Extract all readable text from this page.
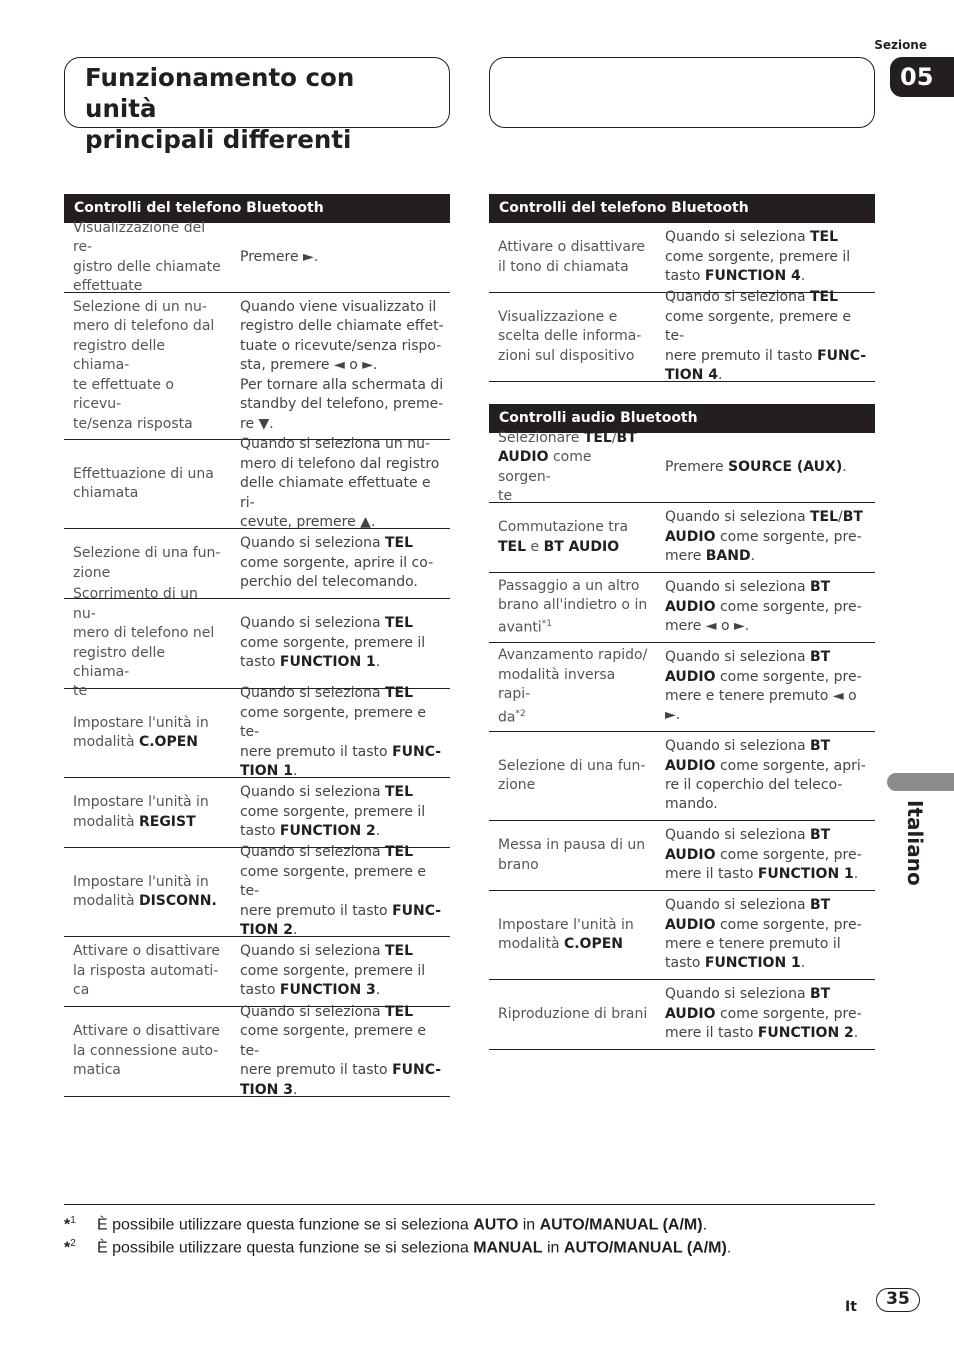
Sezione
05
Funzionamento con unità
principali differenti
Controlli del telefono Bluetooth
Visualizzazione del re-
gistro delle chiamate
effettuate
Premere ►.
Selezione di un nu-
mero di telefono dal
registro delle chiama-
te effettuate o ricevu-
te/senza risposta
Quando viene visualizzato il
registro delle chiamate effet-
tuate o ricevute/senza rispo-
sta, premere ◄ o ►.
Per tornare alla schermata di
standby del telefono, preme-
re ▼.
Effettuazione di una
chiamata
Quando si seleziona un nu-
mero di telefono dal registro
delle chiamate effettuate e ri-
cevute, premere ▲.
Selezione di una fun-
zione
Quando si seleziona TEL
come sorgente, aprire il co-
perchio del telecomando.
Scorrimento di un nu-
mero di telefono nel
registro delle chiama-
te
Quando si seleziona TEL
come sorgente, premere il
tasto FUNCTION 1.
Impostare l'unità in
modalità C.OPEN
Quando si seleziona TEL
come sorgente, premere e te-
nere premuto il tasto FUNC-
TION 1.
Impostare l'unità in
modalità REGIST
Quando si seleziona TEL
come sorgente, premere il
tasto FUNCTION 2.
Impostare l'unità in
modalità DISCONN.
Quando si seleziona TEL
come sorgente, premere e te-
nere premuto il tasto FUNC-
TION 2.
Attivare o disattivare
la risposta automati-
ca
Quando si seleziona TEL
come sorgente, premere il
tasto FUNCTION 3.
Attivare o disattivare
la connessione auto-
matica
Quando si seleziona TEL
come sorgente, premere e te-
nere premuto il tasto FUNC-
TION 3.
Controlli del telefono Bluetooth
Attivare o disattivare
il tono di chiamata
Quando si seleziona TEL
come sorgente, premere il
tasto FUNCTION 4.
Visualizzazione e
scelta delle informa-
zioni sul dispositivo
Quando si seleziona TEL
come sorgente, premere e te-
nere premuto il tasto FUNC-
TION 4.
Controlli audio Bluetooth
Selezionare TEL/BT
AUDIO come sorgen-
te
Premere SOURCE (AUX).
Commutazione tra
TEL e BT AUDIO
Quando si seleziona TEL/BT
AUDIO come sorgente, pre-
mere BAND.
Passaggio a un altro
brano all'indietro o in
avanti$^{*1}$
Quando si seleziona BT
AUDIO come sorgente, pre-
mere ◄ o ►.
Avanzamento rapido/
modalità inversa rapi-
$da^{*2}$
Quando si seleziona BT
AUDIO come sorgente, pre-
mere e tenere premuto ◄ o
►.
Selezione di una fun-
zione
Quando si seleziona BT
AUDIO come sorgente, apri-
re il coperchio del teleco-
mando.
Messa in pausa di un
brano
Quando si seleziona BT
AUDIO come sorgente, pre-
mere il tasto FUNCTION 1.
Impostare l'unità in
modalità C.OPEN
Quando si seleziona BT
AUDIO come sorgente, pre-
mere e tenere premuto il
tasto FUNCTION 1.
Riproduzione di brani
Quando si seleziona BT
AUDIO come sorgente, pre-
mere il tasto FUNCTION 2.
Italiano
*$^1$ È possibile utilizzare questa funzione se si seleziona AUTO in AUTO/MANUAL (A/M).
*$^2$ È possibile utilizzare questa funzione se si seleziona MANUAL in AUTO/MANUAL (A/M).
It	35
